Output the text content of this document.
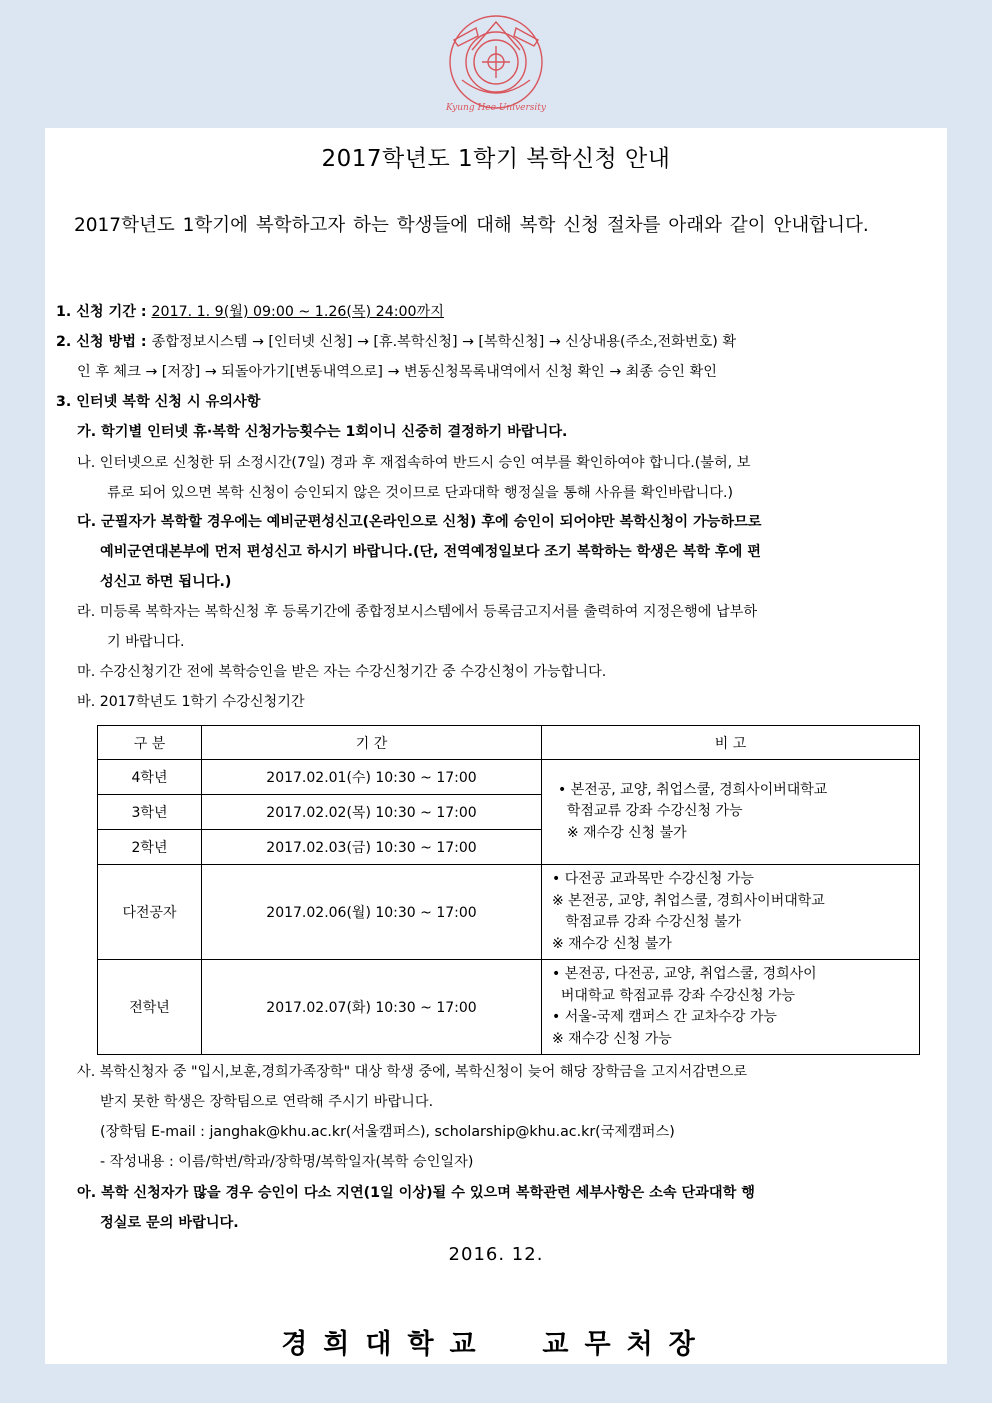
Kyung Hee University
2017학년도 1학기 복학신청 안내
2017학년도 1학기에 복학하고자 하는 학생들에 대해 복학 신청 절차를 아래와 같이 안내합니다.
1. 신청 기간 : 2017. 1. 9(월) 09:00 ~ 1.26(목) 24:00까지
2. 신청 방법 : 종합정보시스템 → [인터넷 신청] → [휴.복학신청] → [복학신청] → 신상내용(주소,전화번호) 확
인 후 체크 → [저장] → 되돌아가기[변동내역으로] → 변동신청목록내역에서 신청 확인 → 최종 승인 확인
3. 인터넷 복학 신청 시 유의사항
가. 학기별 인터넷 휴·복학 신청가능횟수는 1회이니 신중히 결정하기 바랍니다.
나. 인터넷으로 신청한 뒤 소정시간(7일) 경과 후 재접속하여 반드시 승인 여부를 확인하여야 합니다.(불허, 보
류로 되어 있으면 복학 신청이 승인되지 않은 것이므로 단과대학 행정실을 통해 사유를 확인바랍니다.)
다. 군필자가 복학할 경우에는 예비군편성신고(온라인으로 신청) 후에 승인이 되어야만 복학신청이 가능하므로
예비군연대본부에 먼저 편성신고 하시기 바랍니다.(단, 전역예정일보다 조기 복학하는 학생은 복학 후에 편
성신고 하면 됩니다.)
라. 미등록 복학자는 복학신청 후 등록기간에 종합정보시스템에서 등록금고지서를 출력하여 지정은행에 납부하
기 바랍니다.
마. 수강신청기간 전에 복학승인을 받은 자는 수강신청기간 중 수강신청이 가능합니다.
바. 2017학년도 1학기 수강신청기간
구 분	기 간	비 고
4학년	2017.02.01(수) 10:30 ~ 17:00	• 본전공, 교양, 취업스쿨, 경희사이버대학교
학점교류 강좌 수강신청 가능
※ 재수강 신청 불가

3학년	2017.02.02(목) 10:30 ~ 17:00	
2학년	2017.02.03(금) 10:30 ~ 17:00	
다전공자	2017.02.06(월) 10:30 ~ 17:00	• 다전공 교과목만 수강신청 가능
※ 본전공, 교양, 취업스쿨, 경희사이버대학교
학점교류 강좌 수강신청 불가
※ 재수강 신청 불가

전학년	2017.02.07(화) 10:30 ~ 17:00	• 본전공, 다전공, 교양, 취업스쿨, 경희사이
버대학교 학점교류 강좌 수강신청 가능
• 서울-국제 캠퍼스 간 교차수강 가능
※ 재수강 신청 가능
사. 복학신청자 중 "입시,보훈,경희가족장학" 대상 학생 중에, 복학신청이 늦어 해당 장학금을 고지서감면으로
받지 못한 학생은 장학팀으로 연락해 주시기 바랍니다.
(장학팀 E-mail : janghak@khu.ac.kr(서울캠퍼스), scholarship@khu.ac.kr(국제캠퍼스)
- 작성내용 : 이름/학번/학과/장학명/복학일자(복학 승인일자)
아. 복학 신청자가 많을 경우 승인이 다소 지연(1일 이상)될 수 있으며 복학관련 세부사항은 소속 단과대학 행
정실로 문의 바랍니다.
2016. 12.
경희대학교  교무처장
